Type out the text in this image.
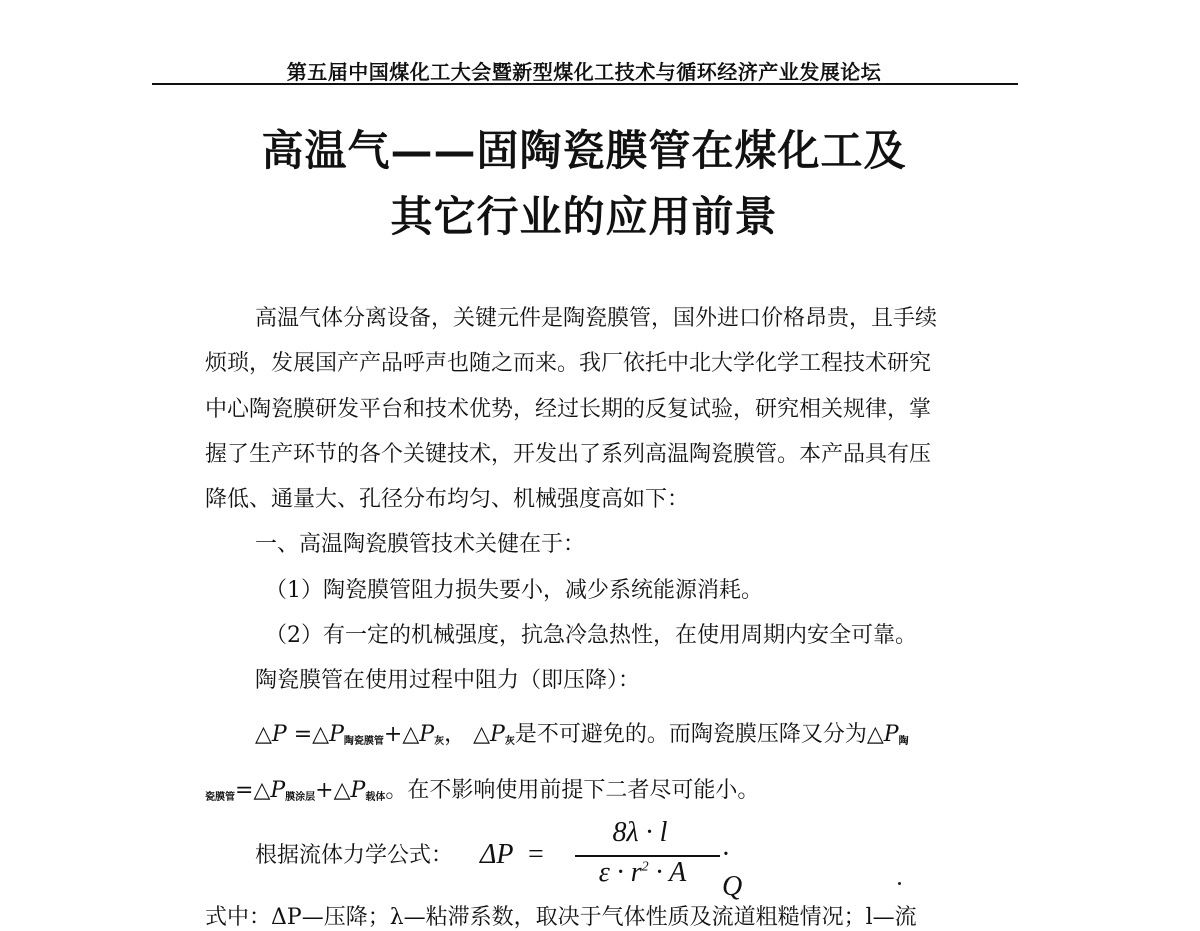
第五届中国煤化工大会暨新型煤化工技术与循环经济产业发展论坛
高温气——固陶瓷膜管在煤化工及
其它行业的应用前景

高温气体分离设备，关键元件是陶瓷膜管，国外进口价格昂贵，且手续
烦琐，发展国产产品呼声也随之而来。我厂依托中北大学化学工程技术研究
中心陶瓷膜研发平台和技术优势，经过长期的反复试验，研究相关规律，掌
握了生产环节的各个关键技术，开发出了系列高温陶瓷膜管。本产品具有压
降低、通量大、孔径分布均匀、机械强度高如下：
一、高温陶瓷膜管技术关健在于：
（1）陶瓷膜管阻力损失要小，减少系统能源消耗。
（2）有一定的机械强度，抗急冷急热性，在使用周期内安全可靠。
陶瓷膜管在使用过程中阻力（即压降）：

△P $=\triangle P_{陶瓷膜管}+\triangle P_灰$， $\triangle P_灰$是不可避免的。而陶瓷膜压降又分为$\triangle P_陶$
$_{瓷膜管}=\triangle P_{膜涂层}+\triangle P_{载体}$。在不影响使用前提下二者尽可能小。
根据流体力学公式： ΔP =
8λ · l
$\varepsilon \cdot r^2 \cdot A$
· Q
式中：ΔP—压降；λ—粘滞系数，取决于气体性质及流道粗糙情况；l—流
